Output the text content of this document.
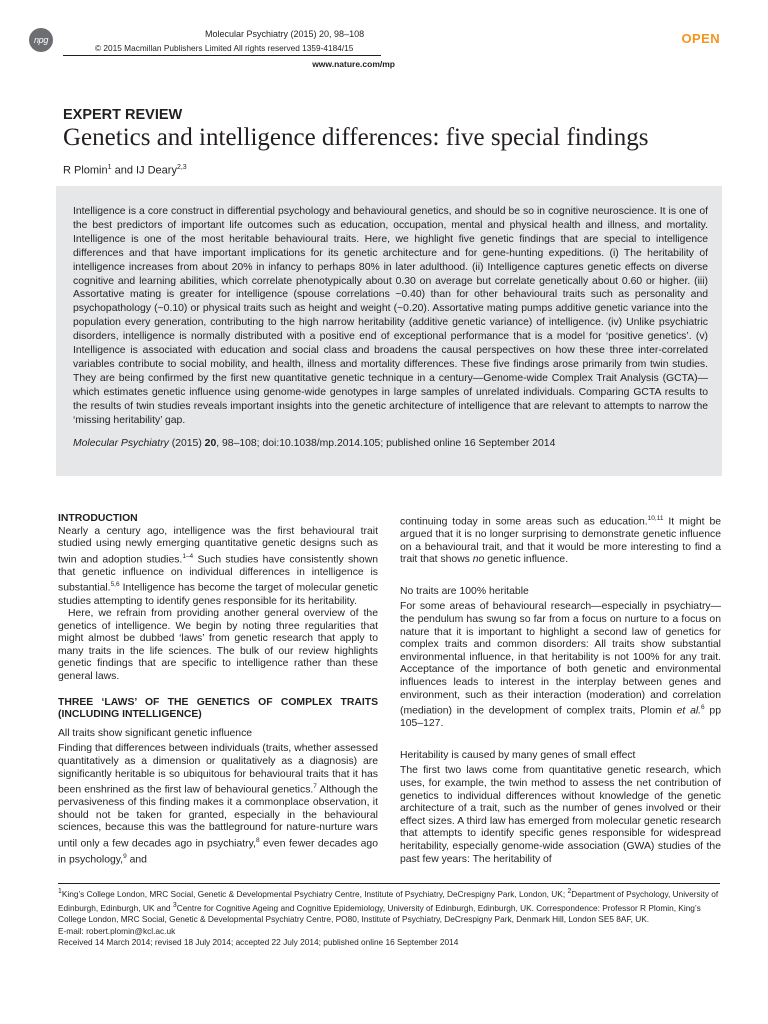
npg
Molecular Psychiatry (2015) 20, 98–108
© 2015 Macmillan Publishers Limited All rights reserved 1359-4184/15
OPEN
www.nature.com/mp
EXPERT REVIEW
Genetics and intelligence differences: five special findings
R Plomin$^1$ and IJ Deary$^{2,3}$

Intelligence is a core construct in differential psychology and behavioural genetics, and should be so in cognitive neuroscience. It is one of the best predictors of important life outcomes such as education, occupation, mental and physical health and illness, and mortality. Intelligence is one of the most heritable behavioural traits. Here, we highlight five genetic findings that are special to intelligence differences and that have important implications for its genetic architecture and for gene-hunting expeditions. (i) The heritability of intelligence increases from about 20% in infancy to perhaps 80% in later adulthood. (ii) Intelligence captures genetic effects on diverse cognitive and learning abilities, which correlate phenotypically about 0.30 on average but correlate genetically about 0.60 or higher. (iii) Assortative mating is greater for intelligence (spouse correlations ~0.40) than for other behavioural traits such as personality and psychopathology (~0.10) or physical traits such as height and weight (~0.20). Assortative mating pumps additive genetic variance into the population every generation, contributing to the high narrow heritability (additive genetic variance) of intelligence. (iv) Unlike psychiatric disorders, intelligence is normally distributed with a positive end of exceptional performance that is a model for ‘positive genetics’. (v) Intelligence is associated with education and social class and broadens the causal perspectives on how these three inter-correlated variables contribute to social mobility, and health, illness and mortality differences. These five findings arose primarily from twin studies. They are being confirmed by the first new quantitative genetic technique in a century—Genome-wide Complex Trait Analysis (GCTA)—which estimates genetic influence using genome-wide genotypes in large samples of unrelated individuals. Comparing GCTA results to the results of twin studies reveals important insights into the genetic architecture of intelligence that are relevant to attempts to narrow the ‘missing heritability’ gap.

Molecular Psychiatry (2015) 20, 98–108; doi:10.1038/mp.2014.105; published online 16 September 2014

INTRODUCTION

Nearly a century ago, intelligence was the first behavioural trait studied using newly emerging quantitative genetic designs such as twin and adoption studies.$^{1-4}$ Such studies have consistently shown that genetic influence on individual differences in intelligence is substantial.$^{5,6}$ Intelligence has become the target of molecular genetic studies attempting to identify genes responsible for its heritability.

Here, we refrain from providing another general overview of the genetics of intelligence. We begin by noting three regularities that might almost be dubbed ‘laws’ from genetic research that apply to many traits in the life sciences. The bulk of our review highlights genetic findings that are specific to intelligence rather than these general laws.

THREE ‘LAWS’ OF THE GENETICS OF COMPLEX TRAITS (INCLUDING INTELLIGENCE)
All traits show significant genetic influence

Finding that differences between individuals (traits, whether assessed quantitatively as a dimension or qualitatively as a diagnosis) are significantly heritable is so ubiquitous for behavioural traits that it has been enshrined as the first law of behavioural genetics.$^7$ Although the pervasiveness of this finding makes it a commonplace observation, it should not be taken for granted, especially in the behavioural sciences, because this was the battleground for nature-nurture wars until only a few decades ago in psychiatry,$^8$ even fewer decades ago in psychology,$^9$ and

continuing today in some areas such as education.$^{10,11}$ It might be argued that it is no longer surprising to demonstrate genetic influence on a behavioural trait, and that it would be more interesting to find a trait that shows no genetic influence.

No traits are 100% heritable

For some areas of behavioural research—especially in psychiatry—the pendulum has swung so far from a focus on nurture to a focus on nature that it is important to highlight a second law of genetics for complex traits and common disorders: All traits show substantial environmental influence, in that heritability is not 100% for any trait. Acceptance of the importance of both genetic and environmental influences leads to interest in the interplay between genes and environment, such as their interaction (moderation) and correlation (mediation) in the development of complex traits, Plomin et al.$^6$ pp 105–127.

Heritability is caused by many genes of small effect

The first two laws come from quantitative genetic research, which uses, for example, the twin method to assess the net contribution of genetics to individual differences without knowledge of the genetic architecture of a trait, such as the number of genes involved or their effect sizes. A third law has emerged from molecular genetic research that attempts to identify specific genes responsible for widespread heritability, especially genome-wide association (GWA) studies of the past few years: The heritability of

$^1$King’s College London, MRC Social, Genetic & Developmental Psychiatry Centre, Institute of Psychiatry, DeCrespigny Park, London, UK; $^2$Department of Psychology, University of Edinburgh, Edinburgh, UK and $^3$Centre for Cognitive Ageing and Cognitive Epidemiology, University of Edinburgh, Edinburgh, UK. Correspondence: Professor R Plomin, King’s College London, MRC Social, Genetic & Developmental Psychiatry Centre, PO80, Institute of Psychiatry, DeCrespigny Park, Denmark Hill, London SE5 8AF, UK.
E-mail: robert.plomin@kcl.ac.uk
Received 14 March 2014; revised 18 July 2014; accepted 22 July 2014; published online 16 September 2014
